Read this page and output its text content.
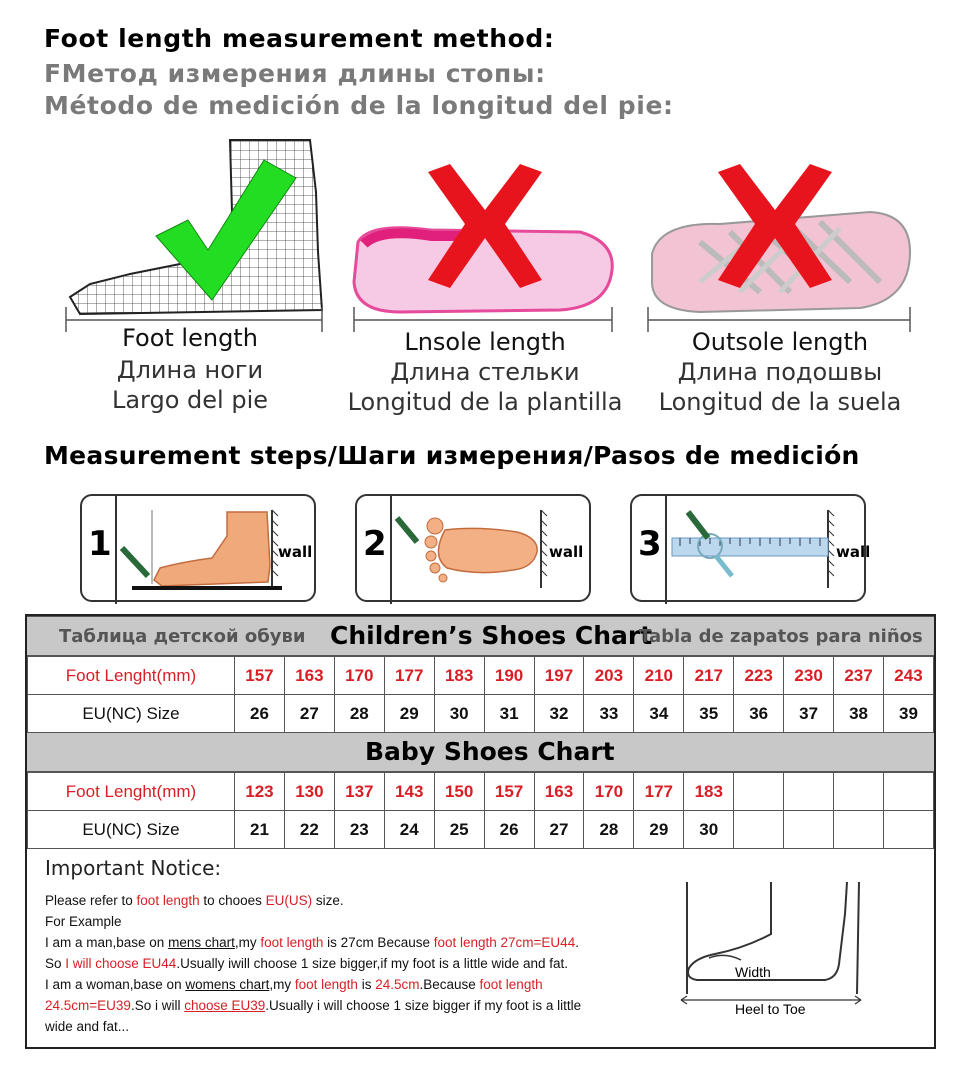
Foot length measurement method:
FМетод измерения длины стопы:
Método de medición de la longitud del pie:
Foot length
Длина ноги
Largo del pie
Lnsole length
Длина стельки
Longitud de la plantilla
Outsole length
Длина подошвы
Longitud de la suela
Measurement steps/Шаги измерения/Pasos de medición
1	wall 2	wall 3	wall
Таблица детской обуви Children’s Shoes Chart
Tabla de zapatos para niños
Foot Lenght(mm)	157	163	170	177	183	190	197	203	210	217	223	230	237	243
EU(NC) Size	26	27	28	29	30	31	32	33	34	35	36	37	38	39
Baby Shoes Chart
Foot Lenght(mm)	123	130	137	143	150	157	163	170	177	183				
EU(NC) Size	21	22	23	24	25	26	27	28	29	30				
Important Notice:

Please refer to foot length to chooes EU(US) size.

For Example

I am a man,base on mens chart,my foot length is 27cm Because foot length 27cm=EU44.

So I will choose EU44.Usually iwill choose 1 size bigger,if my foot is a little wide and fat.

I am a woman,base on womens chart,my foot length is 24.5cm.Because foot length

24.5cm=EU39.So i will choose EU39.Usually i will choose 1 size bigger if my foot is a little

wide and fat...

Width
Heel to Toe
